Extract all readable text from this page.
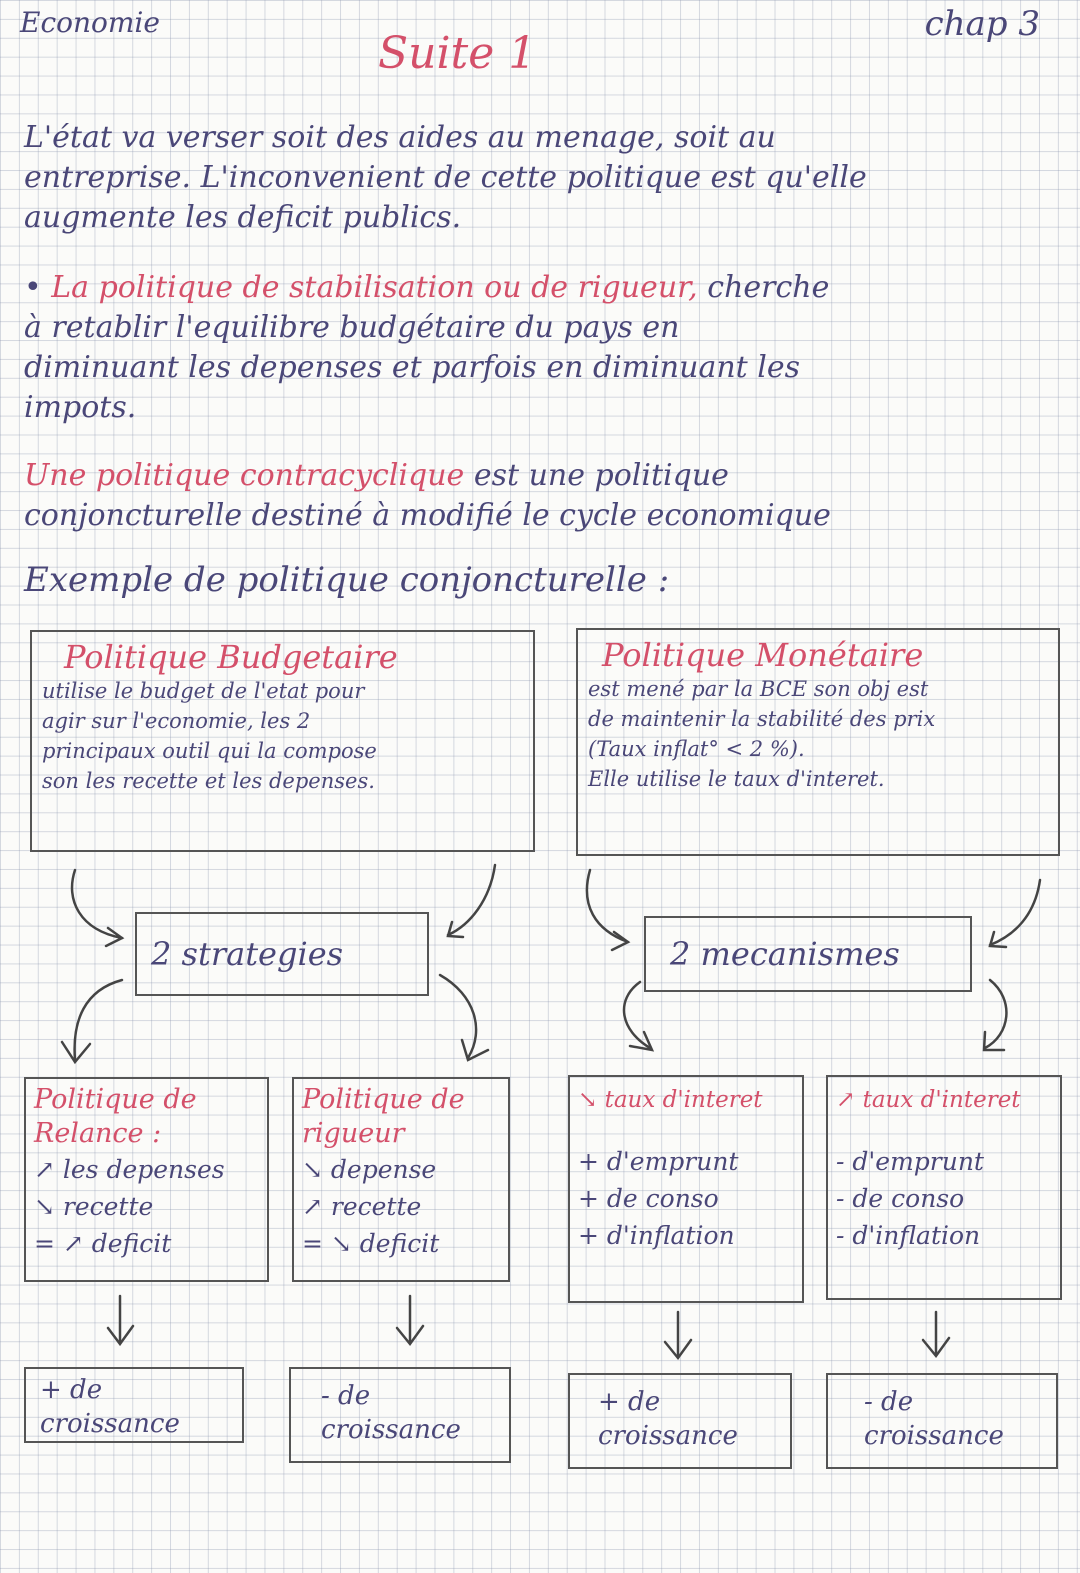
Economie	chap 3
Suite 1
L'état va verser soit des aides au menage, soit au
entreprise. L'inconvenient de cette politique est qu'elle
augmente les deficit publics.
• La politique de stabilisation ou de rigueur, cherche
à retablir l'equilibre budgétaire du pays en
diminuant les depenses et parfois en diminuant les
impots.
Une politique contracyclique est une politique
conjoncturelle destiné à modifié le cycle economique
Exemple de politique conjoncturelle :
Politique Budgetaire
utilise le budget de l'etat pour
agir sur l'economie, les 2
principaux outil qui la compose
son les recette et les depenses.
Politique Monétaire
est mené par la BCE son obj est
de maintenir la stabilité des prix
(Taux inflat° < 2 %).
Elle utilise le taux d'interet.
2 strategies	2 mecanismes
Politique de Relance :
↗ les depenses
↘ recette
= ↗ deficit
Politique de rigueur
↘ depense
↗ recette
= ↘ deficit
↘ taux d'interet
+ d'emprunt
+ de conso
+ d'inflation
↗ taux d'interet
- d'emprunt
- de conso
- d'inflation
+ de
croissance
- de
croissance
+ de
croissance
- de
croissance
